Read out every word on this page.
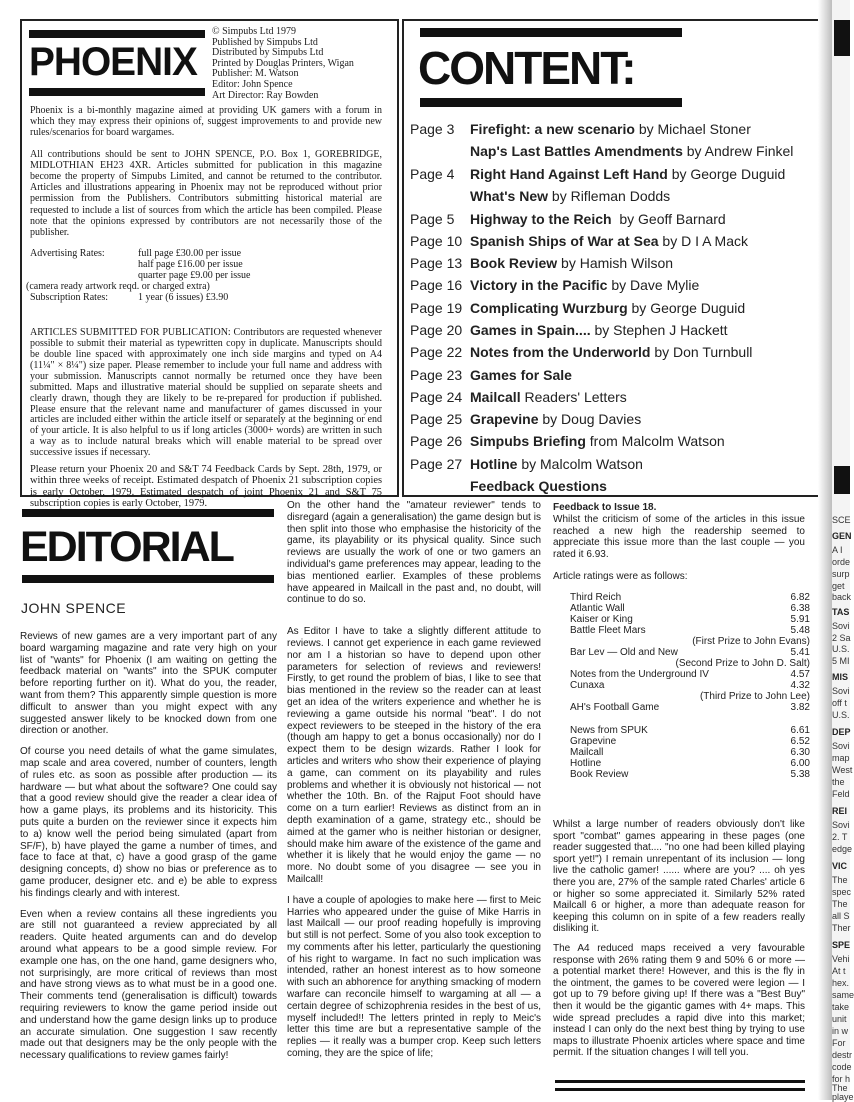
PHOENIX
© Simpubs Ltd 1979
Published by Simpubs Ltd
Distributed by Simpubs Ltd
Printed by Douglas Printers, Wigan
Publisher: M. Watson
Editor: John Spence
Art Director: Ray Bowden

Phoenix is a bi-monthly magazine aimed at providing UK gamers with a forum in which they may express their opinions of, suggest improvements to and provide new rules/scenarios for board wargames.

All contributions should be sent to JOHN SPENCE, P.O. Box 1, GOREBRIDGE, MIDLOTHIAN EH23 4XR. Articles submitted for publication in this magazine become the property of Simpubs Limited, and cannot be returned to the contributor. Articles and illustrations appearing in Phoenix may not be reproduced without prior permission from the Publishers. Contributors submitting historical material are requested to include a list of sources from which the article has been compiled. Please note that the opinions expressed by contributors are not necessarily those of the publisher.

Advertising Rates:	full page £30.00 per issue
half page £16.00 per issue
quarter page £9.00 per issue
(camera ready artwork reqd. or charged extra)
Subscription Rates:	1 year (6 issues) £3.90

ARTICLES SUBMITTED FOR PUBLICATION: Contributors are requested whenever possible to submit their material as typewritten copy in duplicate. Manuscripts should be double line spaced with approximately one inch side margins and typed on A4 (11¼" × 8¼") size paper. Please remember to include your full name and address with your submission. Manuscripts cannot normally be returned once they have been submitted. Maps and illustrative material should be supplied on separate sheets and clearly drawn, though they are likely to be re-prepared for production if published. Please ensure that the relevant name and manufacturer of games discussed in your articles are included either within the article itself or separately at the beginning or end of your article. It is also helpful to us if long articles (3000+ words) are written in such a way as to include natural breaks which will enable material to be spread over successive issues if necessary.

Please return your Phoenix 20 and S&T 74 Feedback Cards by Sept. 28th, 1979, or within three weeks of receipt. Estimated despatch of Phoenix 21 subscription copies is early October, 1979. Estimated despatch of joint Phoenix 21 and S&T 75 subscription copies is early October, 1979.

CONTENT:
Page 3 Firefight: a new scenario by Michael Stoner
Nap's Last Battles Amendments by Andrew Finkel
Page 4 Right Hand Against Left Hand by George Duguid
What's New by Rifleman Dodds
Page 5 Highway to the Reich  by Geoff Barnard
Page 10 Spanish Ships of War at Sea by D I A Mack
Page 13 Book Review by Hamish Wilson
Page 16 Victory in the Pacific by Dave Mylie
Page 19 Complicating Wurzburg by George Duguid
Page 20 Games in Spain.... by Stephen J Hackett
Page 22 Notes from the Underworld by Don Turnbull
Page 23 Games for Sale
Page 24 Mailcall Readers' Letters
Page 25 Grapevine by Doug Davies
Page 26 Simpubs Briefing from Malcolm Watson
Page 27 Hotline by Malcolm Watson
Feedback Questions
EDITORIAL
JOHN SPENCE

Reviews of new games are a very important part of any board wargaming magazine and rate very high on your list of "wants" for Phoenix (I am waiting on getting the feedback material on "wants" into the SPUK computer before reporting further on it). What do you, the reader, want from them? This apparently simple question is more difficult to answer than you might expect with any suggested answer likely to be knocked down from one direction or another.

Of course you need details of what the game simulates, map scale and area covered, number of counters, length of rules etc. as soon as possible after production — its hardware — but what about the software? One could say that a good review should give the reader a clear idea of how a game plays, its problems and its historicity. This puts quite a burden on the reviewer since it expects him to a) know well the period being simulated (apart from SF/F), b) have played the game a number of times, and face to face at that, c) have a good grasp of the game designing concepts, d) show no bias or preference as to game producer, designer etc. and e) be able to express his findings clearly and with interest.

Even when a review contains all these ingredients you are still not guaranteed a review appreciated by all readers. Quite heated arguments can and do develop around what appears to be a good simple review. For example one has, on the one hand, game designers who, not surprisingly, are more critical of reviews than most and have strong views as to what must be in a good one. Their comments tend (generalisation is difficult) towards requiring reviewers to know the game period inside out and understand how the game design links up to produce an accurate simulation. One suggestion I saw recently made out that designers may be the only people with the necessary qualifications to review games fairly!

On the other hand the "amateur reviewer" tends to disregard (again a generalisation) the game design but is then split into those who emphasise the historicity of the game, its playability or its physical quality. Since such reviews are usually the work of one or two gamers an individual's game preferences may appear, leading to the bias mentioned earlier. Examples of these problems have appeared in Mailcall in the past and, no doubt, will continue to do so.

As Editor I have to take a slightly different attitude to reviews. I cannot get experience in each game reviewed nor am I a historian so have to depend upon other parameters for selection of reviews and reviewers! Firstly, to get round the problem of bias, I like to see that bias mentioned in the review so the reader can at least get an idea of the writers experience and whether he is reviewing a game outside his normal "beat". I do not expect reviewers to be steeped in the history of the era (though am happy to get a bonus occasionally) nor do I expect them to be design wizards. Rather I look for articles and writers who show their experience of playing a game, can comment on its playability and rules problems and whether it is obviously not historical — not whether the 10th. Bn. of the Rajput Foot should have come on a turn earlier! Reviews as distinct from an in depth examination of a game, strategy etc., should be aimed at the gamer who is neither historian or designer, should make him aware of the existence of the game and whether it is likely that he would enjoy the game — no more. No doubt some of you disagree — see you in Mailcall!

I have a couple of apologies to make here — first to Meic Harries who appeared under the guise of Mike Harris in last Mailcall — our proof reading hopefully is improving but still is not perfect. Some of you also took exception to my comments after his letter, particularly the questioning of his right to wargame. In fact no such implication was intended, rather an honest interest as to how someone with such an abhorence for anything smacking of modern warfare can reconcile himself to wargaming at all — a certain degree of schizophrenia resides in the best of us, myself included!! The letters printed in reply to Meic's letter this time are but a representative sample of the replies — it really was a bumper crop. Keep such letters coming, they are the spice of life;

Feedback to Issue 18.

Whilst the criticism of some of the articles in this issue reached a new high the readership seemed to appreciate this issue more than the last couple — you rated it 6.93.

Article ratings were as follows:
Third Reich	6.82
Atlantic Wall	6.38
Kaiser or King	5.91
Battle Fleet Mars	5.48
(First Prize to John Evans)
Bar Lev — Old and New	5.41
(Second Prize to John D. Salt)
Notes from the Underground IV	4.57
Cunaxa	4.32
(Third Prize to John Lee)
AH's Football Game	3.82
News from SPUK	6.61
Grapevine	6.52
Mailcall	6.30
Hotline	6.00
Book Review	5.38

Whilst a large number of readers obviously don't like sport "combat" games appearing in these pages (one reader suggested that.... "no one had been killed playing sport yet!") I remain unrepentant of its inclusion — long live the catholic gamer! ...... where are you? .... oh yes there you are, 27% of the sample rated Charles' article 6 or higher so some appreciated it. Similarly 52% rated Mailcall 6 or higher, a more than adequate reason for keeping this column on in spite of a few readers really disliking it.

The A4 reduced maps received a very favourable response with 26% rating them 9 and 50% 6 or more — a potential market there! However, and this is the fly in the ointment, the games to be covered were legion — I got up to 79 before giving up! If there was a "Best Buy" then it would be the gigantic games with 4+ maps. This wide spread precludes a rapid dive into this market; instead I can only do the next best thing by trying to use maps to illustrate Phoenix articles where space and time permit. If the situation changes I will tell you.

SCE
GEN
A I
orde
surp
get
back
TAS
Sovi
2 Sa
U.S.
5 MI
MIS
Sovi
off t
U.S.
DEP
Sovi
map
West
the
Feld
REI
Sovi
2. T
edge
VIC
The
spec
The
all S
Ther
SPE
Vehi
At t
hex.
same
take
unit
in w
For
destr
code
for h
The
playe
